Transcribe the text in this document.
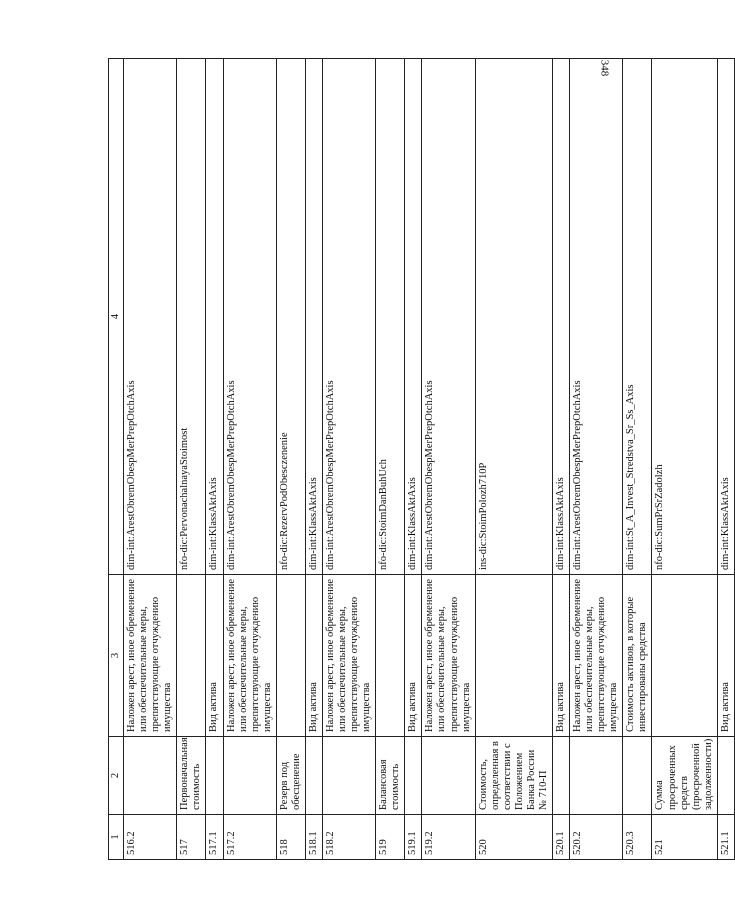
348
1	2	3	4
516.2		Наложен арест, иное обременение или обеспечительные меры, препятствующие отчуждению имущества	dim-int:ArestObremObespMerPrepOtchAxis
517	Первоначальная стоимость		nfo-dic:PervonachalnayaStoimost
517.1		Вид актива	dim-int:KlassAktAxis
517.2		Наложен арест, иное обременение или обеспечительные меры, препятствующие отчуждению имущества	dim-int:ArestObremObespMerPrepOtchAxis
518	Резерв под обесценение		nfo-dic:RezervPodObesczenenie
518.1		Вид актива	dim-int:KlassAktAxis
518.2		Наложен арест, иное обременение или обеспечительные меры, препятствующие отчуждению имущества	dim-int:ArestObremObespMerPrepOtchAxis
519	Балансовая стоимость		nfo-dic:StoimDanBuhUch
519.1		Вид актива	dim-int:KlassAktAxis
519.2		Наложен арест, иное обременение или обеспечительные меры, препятствующие отчуждению имущества	dim-int:ArestObremObespMerPrepOtchAxis
520	Стоимость, определенная в соответствии с Положением Банка России № 710-П		ins-dic:StoimPolozh710P
520.1		Вид актива	dim-int:KlassAktAxis
520.2		Наложен арест, иное обременение или обеспечительные меры, препятствующие отчуждению имущества	dim-int:ArestObremObespMerPrepOtchAxis
520.3		Стоимость активов, в которые инвестированы средства	dim-int:St_A_Invest_Stredstva_Sr_Ss_Axis
521	Сумма просроченных средств (просроченной задолженности)		nfo-dic:SumPrSrZadolzh
521.1		Вид актива	dim-int:KlassAktAxis
